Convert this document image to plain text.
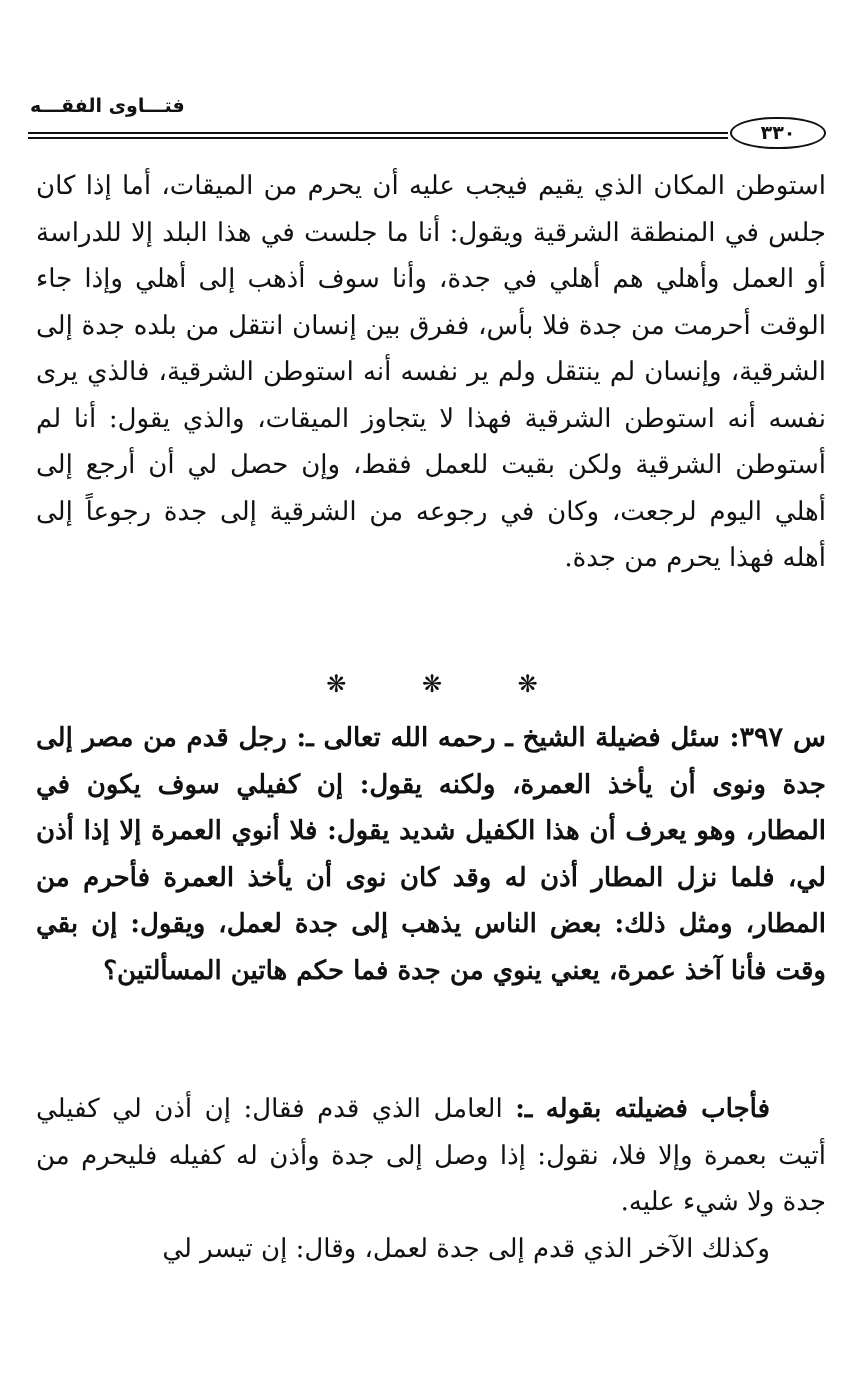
فتـــاوى الفقـــه
٣٣٠

استوطن المكان الذي يقيم فيجب عليه أن يحرم من الميقات، أما إذا كان جلس في المنطقة الشرقية ويقول: أنا ما جلست في هذا البلد إلا للدراسة أو العمل وأهلي هم أهلي في جدة، وأنا سوف أذهب إلى أهلي وإذا جاء الوقت أحرمت من جدة فلا بأس، ففرق بين إنسان انتقل من بلده جدة إلى الشرقية، وإنسان لم ينتقل ولم ير نفسه أنه استوطن الشرقية، فالذي يرى نفسه أنه استوطن الشرقية فهذا لا يتجاوز الميقات، والذي يقول: أنا لم أستوطن الشرقية ولكن بقيت للعمل فقط، وإن حصل لي أن أرجع إلى أهلي اليوم لرجعت، وكان في رجوعه من الشرقية إلى جدة رجوعاً إلى أهله فهذا يحرم من جدة.

❋ ❋ ❋

س ٣٩٧: سئل فضيلة الشيخ ـ رحمه الله تعالى ـ: رجل قدم من مصر إلى جدة ونوى أن يأخذ العمرة، ولكنه يقول: إن كفيلي سوف يكون في المطار، وهو يعرف أن هذا الكفيل شديد يقول: فلا أنوي العمرة إلا إذا أذن لي، فلما نزل المطار أذن له وقد كان نوى أن يأخذ العمرة فأحرم من المطار، ومثل ذلك: بعض الناس يذهب إلى جدة لعمل، ويقول: إن بقي وقت فأنا آخذ عمرة، يعني ينوي من جدة فما حكم هاتين المسألتين؟

فأجاب فضيلته بقوله ـ: العامل الذي قدم فقال: إن أذن لي كفيلي أتيت بعمرة وإلا فلا، نقول: إذا وصل إلى جدة وأذن له كفيله فليحرم من جدة ولا شيء عليه.

وكذلك الآخر الذي قدم إلى جدة لعمل، وقال: إن تيسر لي
